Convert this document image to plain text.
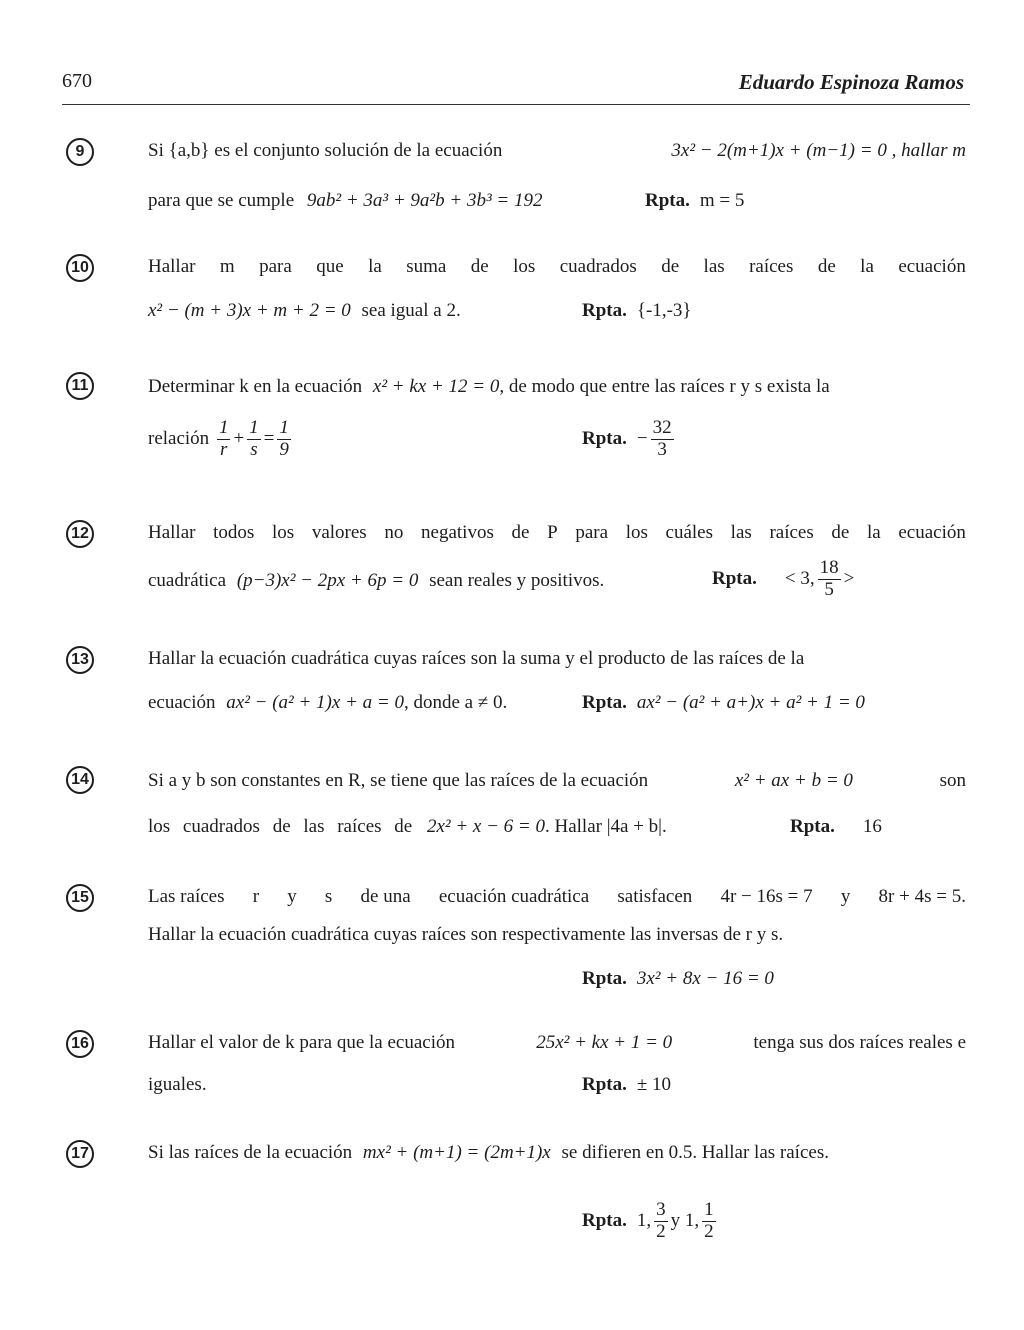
670	Eduardo Espinoza Ramos
9	Si {a,b} es el conjunto solución de la ecuación	3x² − 2(m+1)x + (m−1) = 0 , hallar m
para que se cumple 9ab² + 3a³ + 9a²b + 3b³ = 192	Rpta. m = 5
10	Hallar m para que la suma de los cuadrados de las raíces de la ecuación
x² − (m + 3)x + m + 2 = 0 sea igual a 2.	Rpta. {-1,-3}
11	Determinar k en la ecuación x² + kx + 12 = 0, de modo que entre las raíces r y s exista la
relación $\frac{1}{r} + \frac{1}{s} = \frac{1}{9}$	Rpta. − $\frac{32}{3}$
12	Hallar todos los valores no negativos de P para los cuáles las raíces de la ecuación
cuadrática (p−3)x² − 2px + 6p = 0 sean reales y positivos.	Rpta. < 3, $\frac{18}{5}$ >
13	Hallar la ecuación cuadrática cuyas raíces son la suma y el producto de las raíces de la
ecuación ax² − (a² + 1)x + a = 0, donde a ≠ 0.	Rpta. ax² − (a² + a+)x + a² + 1 = 0
14	Si a y b son constantes en R, se tiene que las raíces de la ecuación	x² + ax + b = 0	son
los cuadrados de las raíces de 2x² + x − 6 = 0. Hallar |4a + b|.	Rpta. 16
15	Las raíces r y s de una ecuación cuadrática satisfacen 4r − 16s = 7 y 8r + 4s = 5.
Hallar la ecuación cuadrática cuyas raíces son respectivamente las inversas de r y s.
Rpta. 3x² + 8x − 16 = 0
16	Hallar el valor de k para que la ecuación	25x² + kx + 1 = 0	tenga sus dos raíces reales e
iguales.	Rpta. ± 10
17	Si las raíces de la ecuación mx² + (m+1) = (2m+1)x se difieren en 0.5. Hallar las raíces.
Rpta. 1, $\frac{3}{2}$ y 1, $\frac{1}{2}$
